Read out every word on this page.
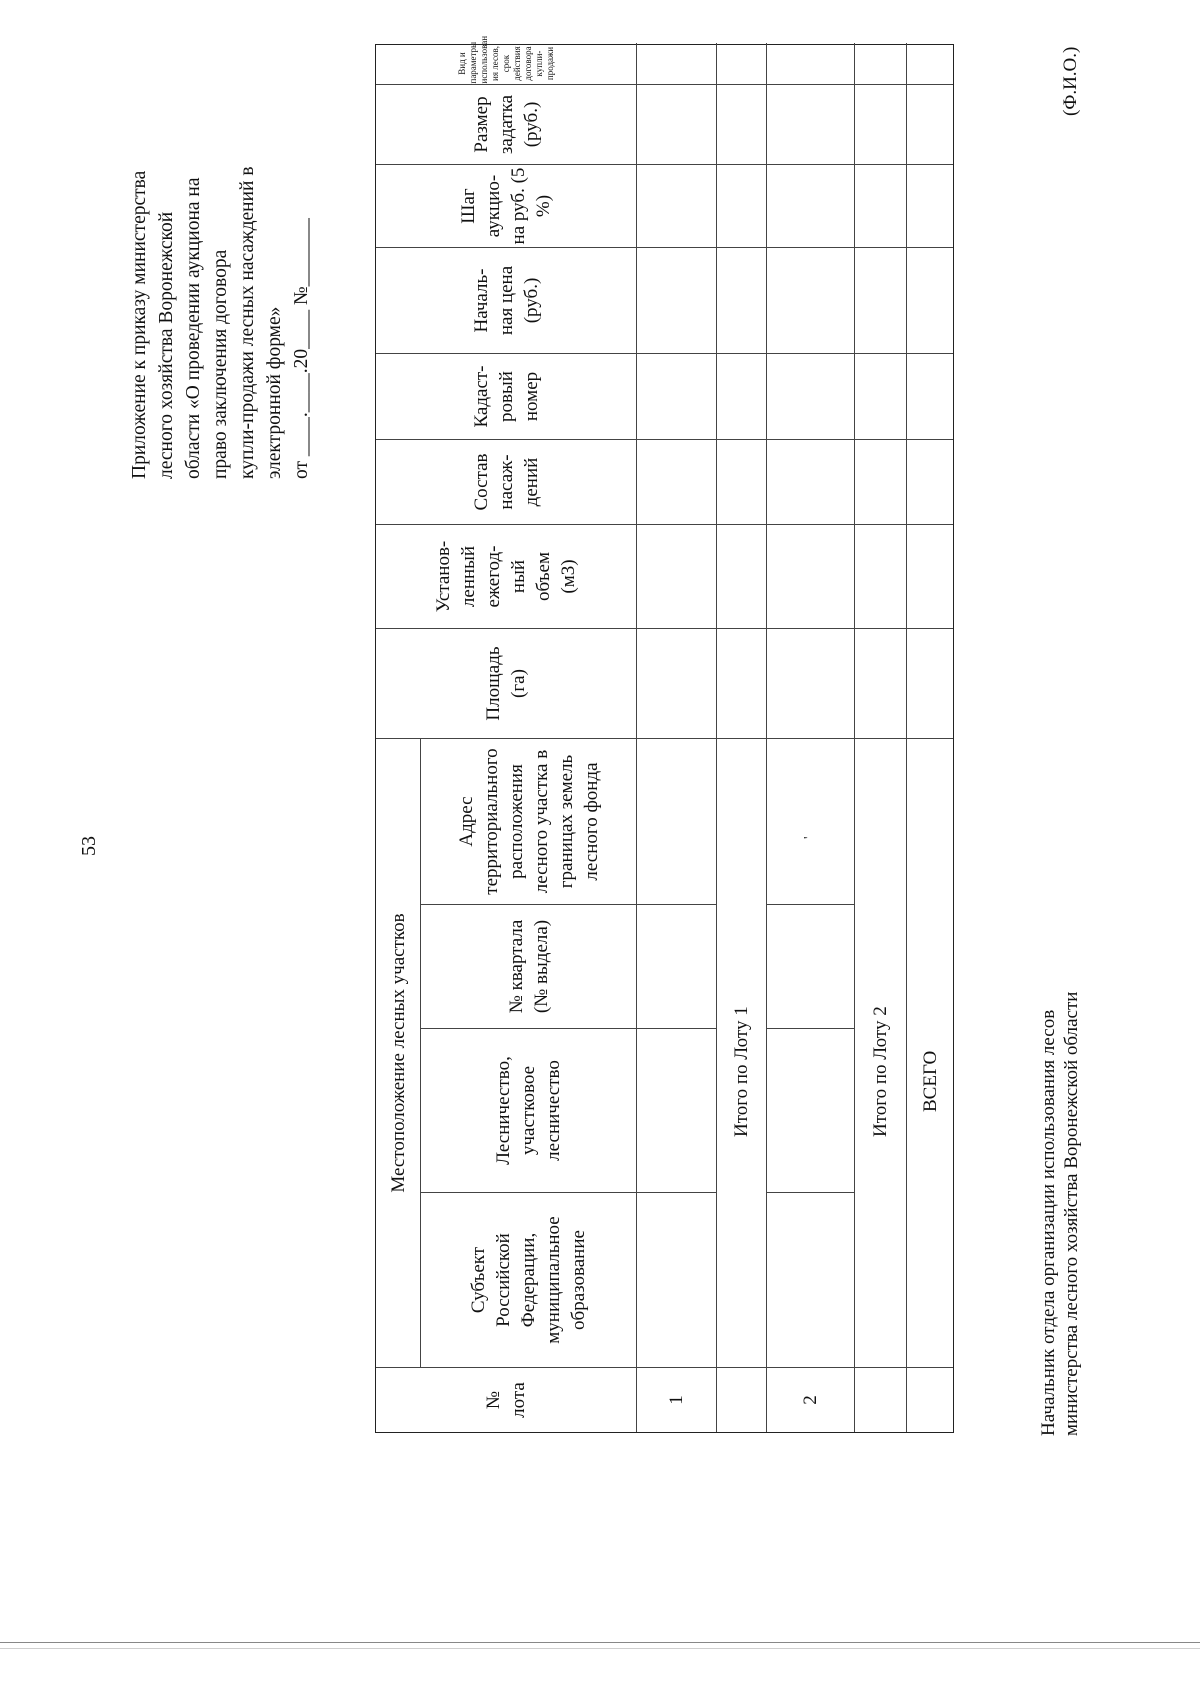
53
Приложение к приказу министерства лесного хозяйства Воронежской области «О проведении аукциона на право заключения договора купли-продажи лесных насаждений в электронной форме» от ____.____.20____ №_______
№ лота
Местоположение лесных участков
Субъект Российской Федерации, муниципальное образование
Лесничество, участковое лесничество
№ квартала (№ выдела)
Адрес территориального расположения лесного участка в границах земель лесного фонда
Площадь (га)
Установ-ленный ежегод-ный объем (м3)
Состав насаж-дений
Кадаст-ровый номер
Началь-ная цена (руб.)
Шаг аукцио-на руб. (5 %)
Размер задатка (руб.)
Вид и параметры использован ия лесов, срок действия договора купли-продажи
1
Итого по Лоту 1
2
Итого по Лоту 2 ВСЕГО
'
Начальник отдела организации использования лесов министерства лесного хозяйства Воронежской области
(Ф.И.О.)
